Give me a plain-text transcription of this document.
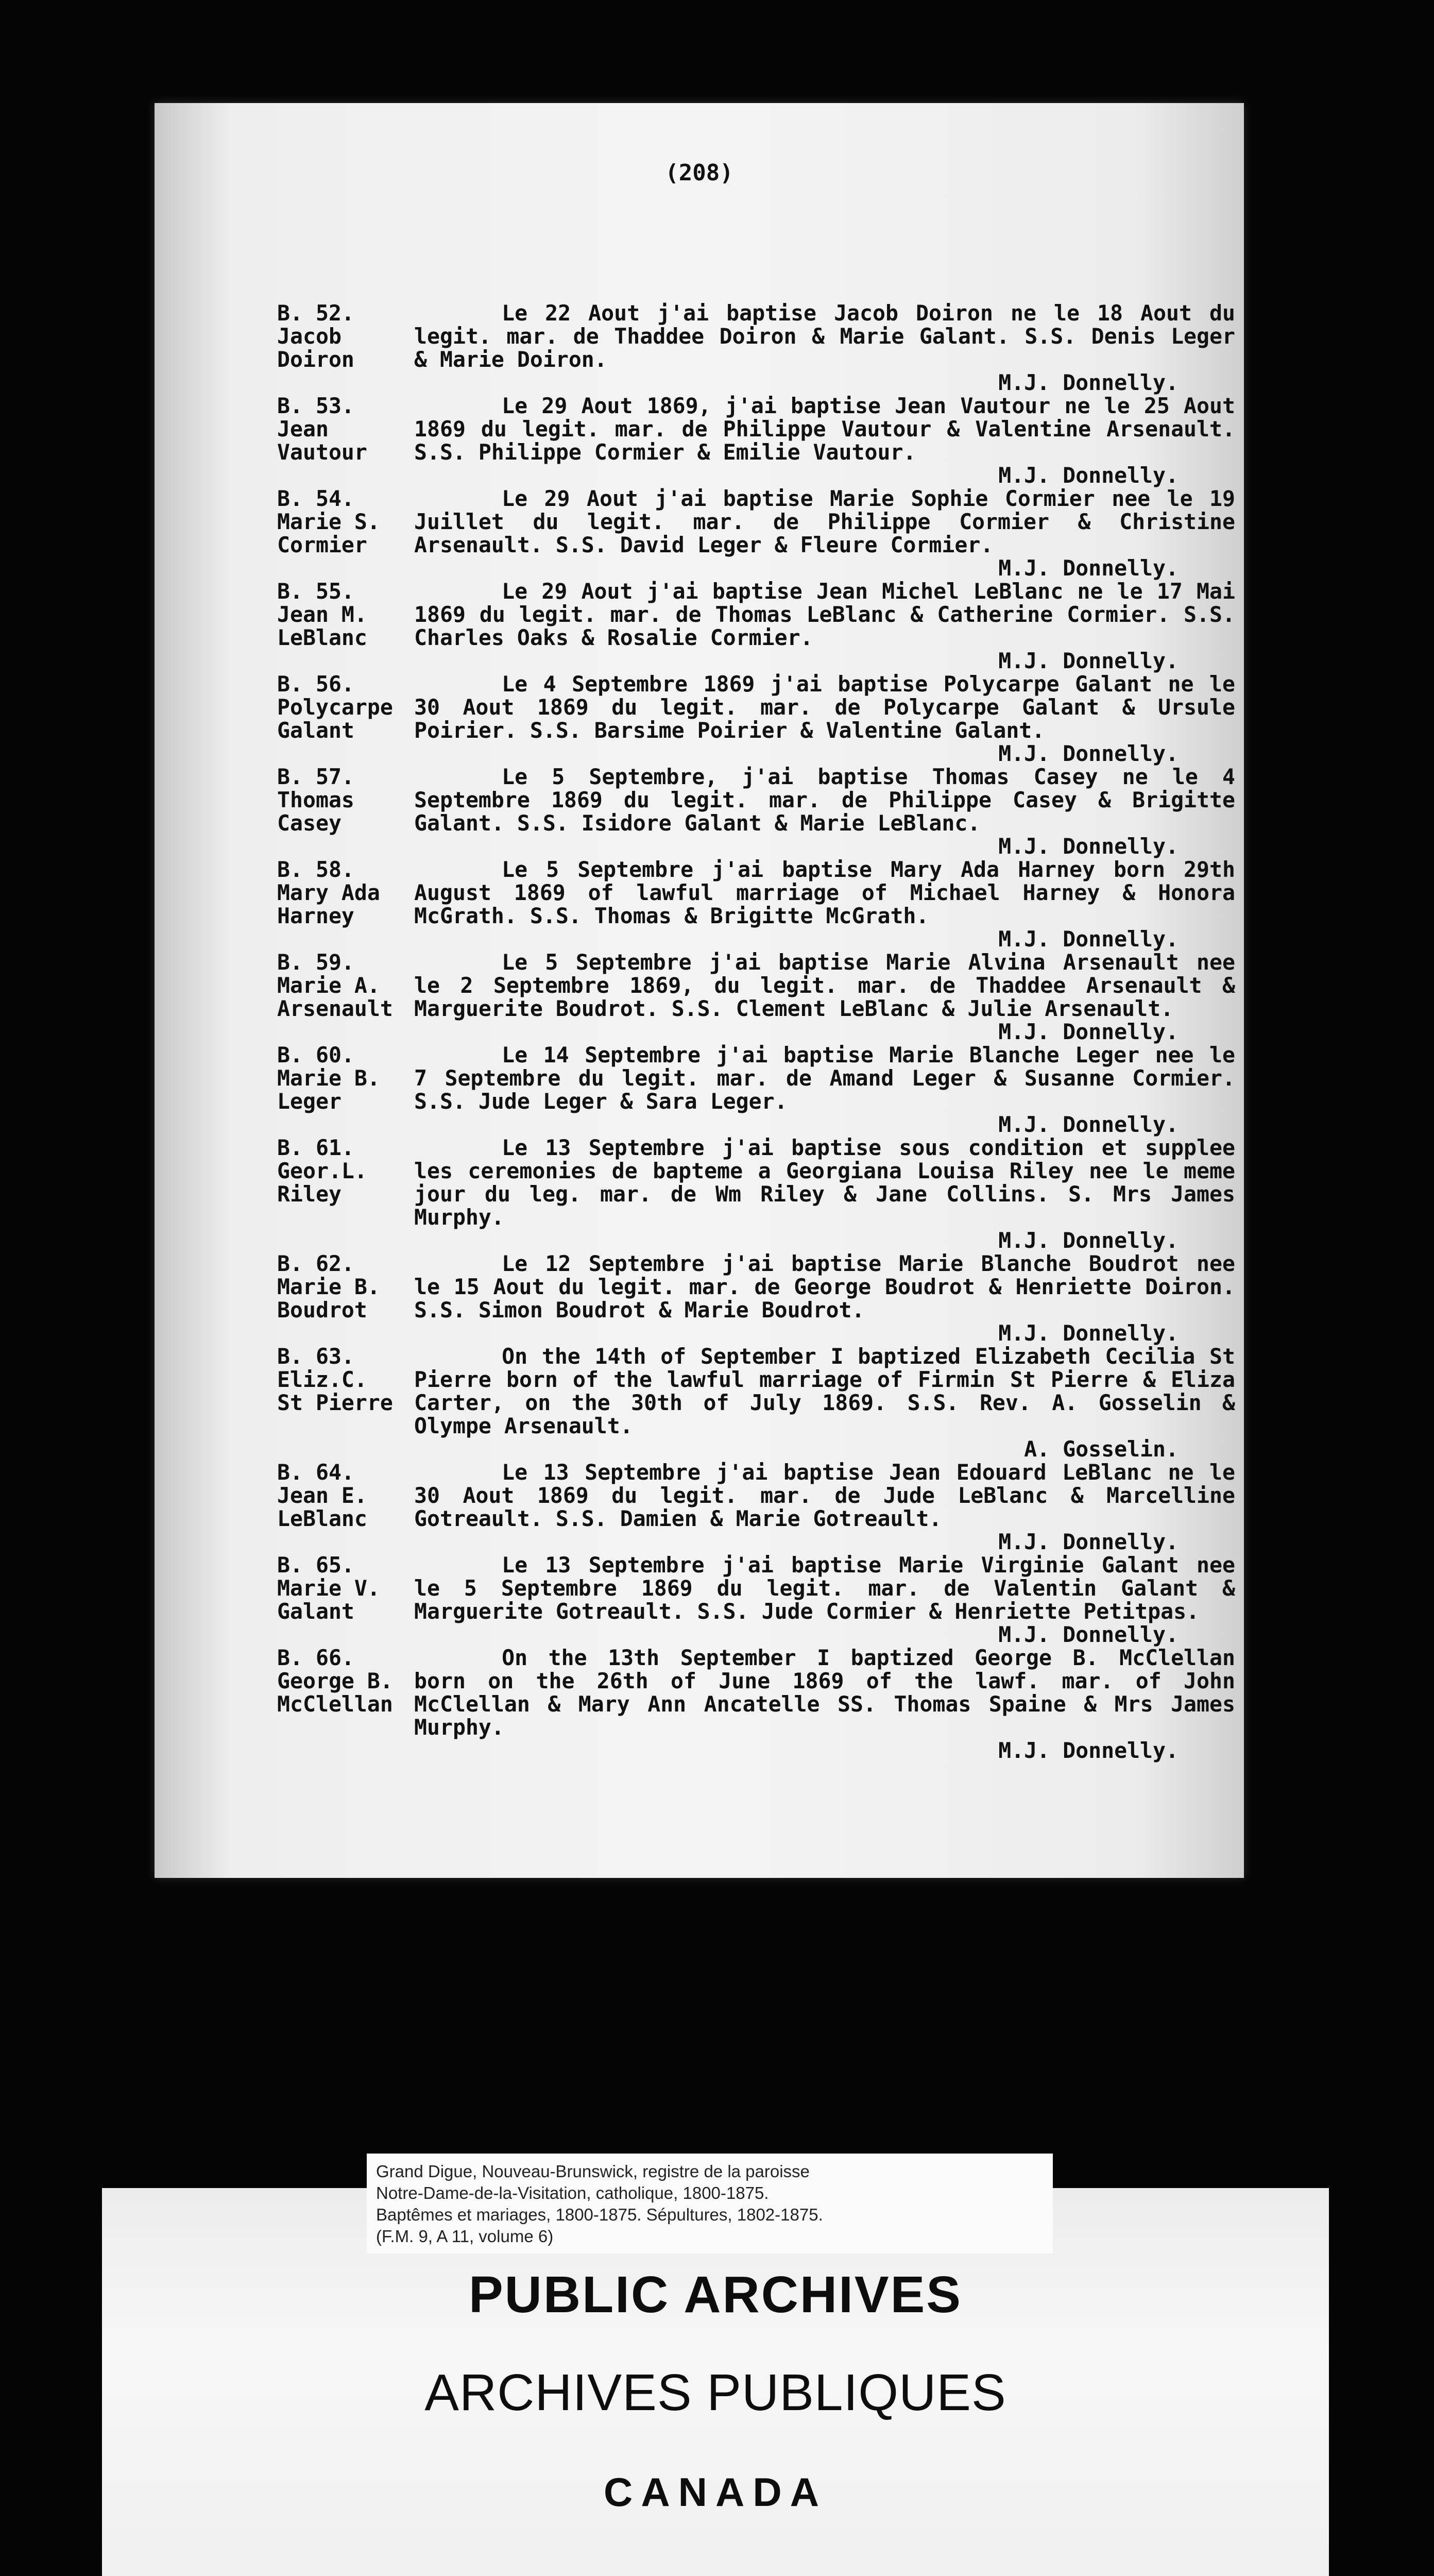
(208)
B. 52.
Jacob
Doiron
Le 22 Aout j'ai baptise Jacob Doiron ne le 18 Aout du legit. mar. de Thaddee Doiron & Marie Galant. S.S. Denis Leger & Marie Doiron.
M.J. Donnelly.
B. 53.
Jean
Vautour
Le 29 Aout 1869, j'ai baptise Jean Vautour ne le 25 Aout 1869 du legit. mar. de Philippe Vautour & Valentine Arsenault. S.S. Philippe Cormier & Emilie Vautour.
M.J. Donnelly.
B. 54.
Marie S.
Cormier
Le 29 Aout j'ai baptise Marie Sophie Cormier nee le 19 Juillet du legit. mar. de Philippe Cormier & Christine Arsenault. S.S. David Leger & Fleure Cormier.
M.J. Donnelly.
B. 55.
Jean M.
LeBlanc
Le 29 Aout j'ai baptise Jean Michel LeBlanc ne le 17 Mai 1869 du legit. mar. de Thomas LeBlanc & Catherine Cormier. S.S. Charles Oaks & Rosalie Cormier.
M.J. Donnelly.
B. 56.
Polycarpe
Galant
Le 4 Septembre 1869 j'ai baptise Polycarpe Galant ne le 30 Aout 1869 du legit. mar. de Polycarpe Galant & Ursule Poirier. S.S. Barsime Poirier & Valentine Galant.
M.J. Donnelly.
B. 57.
Thomas
Casey
Le 5 Septembre, j'ai baptise Thomas Casey ne le 4 Septembre 1869 du legit. mar. de Philippe Casey & Brigitte Galant. S.S. Isidore Galant & Marie LeBlanc.
M.J. Donnelly.
B. 58.
Mary Ada
Harney
Le 5 Septembre j'ai baptise Mary Ada Harney born 29th August 1869 of lawful marriage of Michael Harney & Honora McGrath. S.S. Thomas & Brigitte McGrath.
M.J. Donnelly.
B. 59.
Marie A.
Arsenault
Le 5 Septembre j'ai baptise Marie Alvina Arsenault nee le 2 Septembre 1869, du legit. mar. de Thaddee Arsenault & Marguerite Boudrot. S.S. Clement LeBlanc & Julie Arsenault.
M.J. Donnelly.
B. 60.
Marie B.
Leger
Le 14 Septembre j'ai baptise Marie Blanche Leger nee le 7 Septembre du legit. mar. de Amand Leger & Susanne Cormier. S.S. Jude Leger & Sara Leger.
M.J. Donnelly.
B. 61.
Geor.L.
Riley
Le 13 Septembre j'ai baptise sous condition et supplee les ceremonies de bapteme a Georgiana Louisa Riley nee le meme jour du leg. mar. de Wm Riley & Jane Collins. S. Mrs James Murphy.
M.J. Donnelly.
B. 62.
Marie B.
Boudrot
Le 12 Septembre j'ai baptise Marie Blanche Boudrot nee le 15 Aout du legit. mar. de George Boudrot & Henriette Doiron. S.S. Simon Boudrot & Marie Boudrot.
M.J. Donnelly.
B. 63.
Eliz.C.
St Pierre
On the 14th of September I baptized Elizabeth Cecilia St Pierre born of the lawful marriage of Firmin St Pierre & Eliza Carter, on the 30th of July 1869. S.S. Rev. A. Gosselin & Olympe Arsenault.
A. Gosselin.
B. 64.
Jean E.
LeBlanc
Le 13 Septembre j'ai baptise Jean Edouard LeBlanc ne le 30 Aout 1869 du legit. mar. de Jude LeBlanc & Marcelline Gotreault. S.S. Damien & Marie Gotreault.
M.J. Donnelly.
B. 65.
Marie V.
Galant
Le 13 Septembre j'ai baptise Marie Virginie Galant nee le 5 Septembre 1869 du legit. mar. de Valentin Galant & Marguerite Gotreault. S.S. Jude Cormier & Henriette Petitpas.
M.J. Donnelly.
B. 66.
George B.
McClellan
On the 13th September I baptized George B. McClellan born on the 26th of June 1869 of the lawf. mar. of John McClellan & Mary Ann Ancatelle SS. Thomas Spaine & Mrs James Murphy.
M.J. Donnelly.
PUBLIC ARCHIVES
ARCHIVES PUBLIQUES
CANADA
Grand Digue, Nouveau-Brunswick, registre de la paroisse
Notre-Dame-de-la-Visitation, catholique, 1800-1875.
Baptêmes et mariages, 1800-1875. Sépultures, 1802-1875.
(F.M. 9, A 11, volume 6)
